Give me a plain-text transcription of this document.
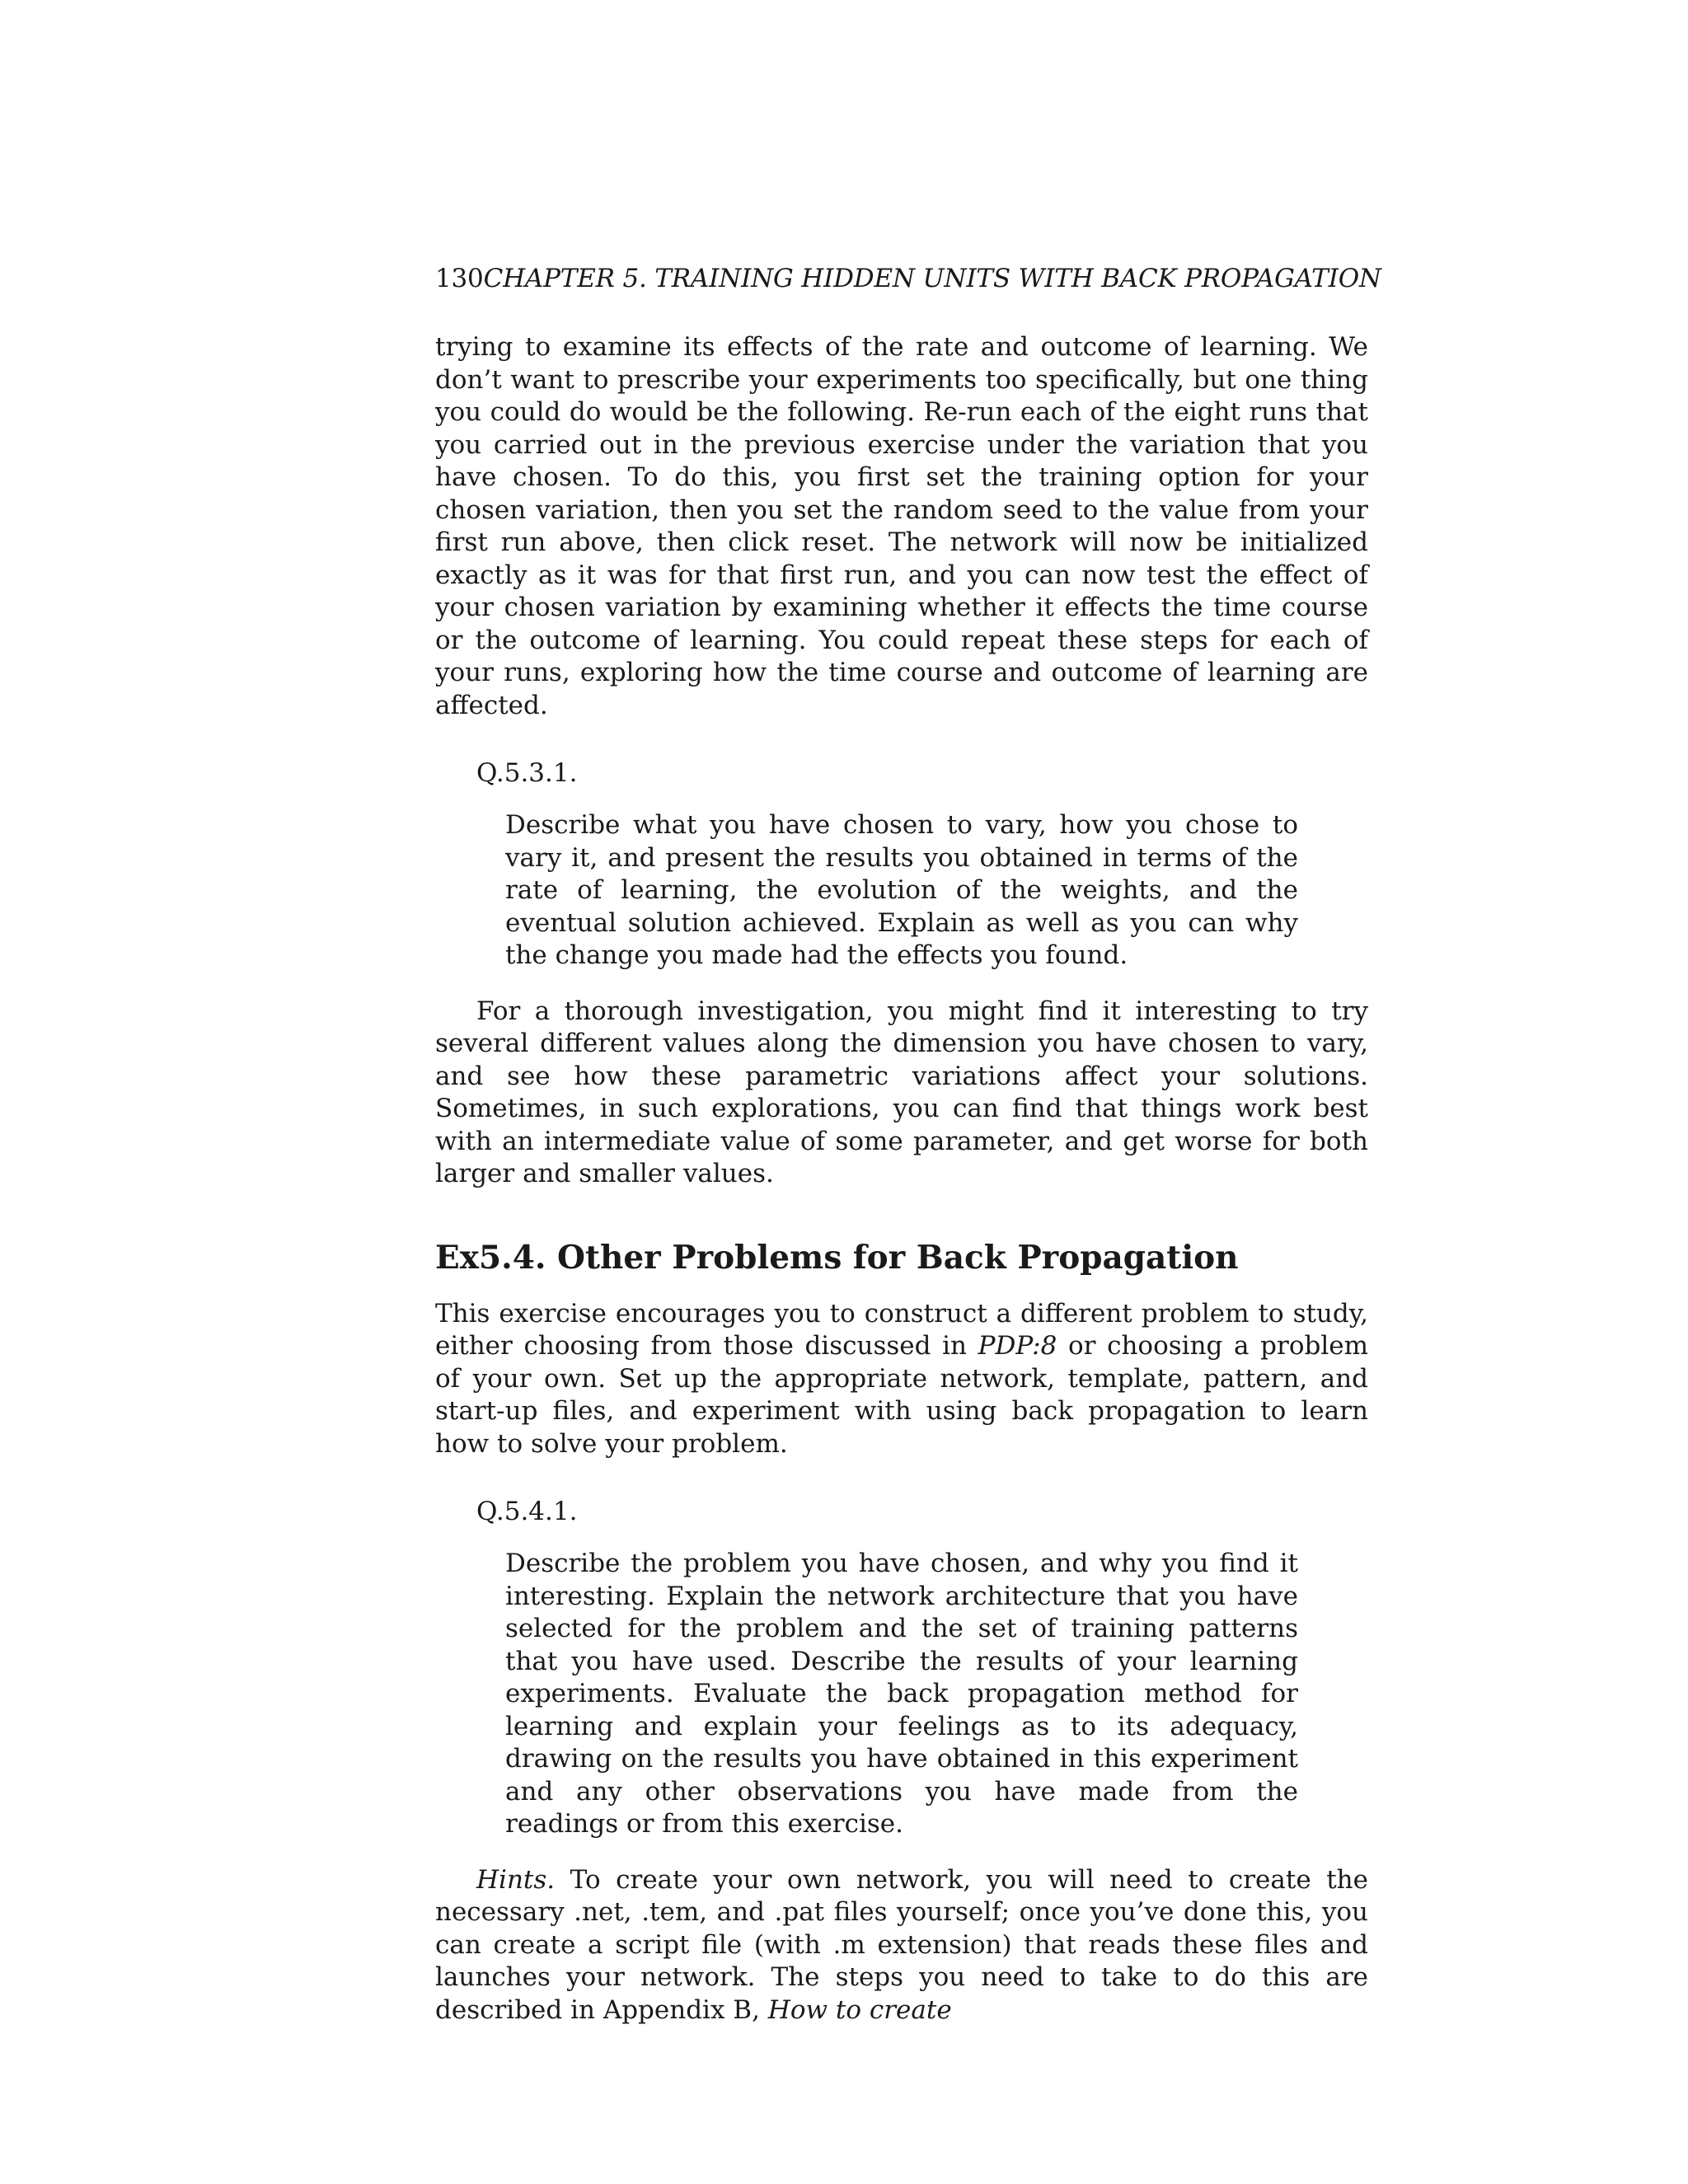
130CHAPTER 5. TRAINING HIDDEN UNITS WITH BACK PROPAGATION

trying to examine its effects of the rate and outcome of learning. We don’t want to prescribe your experiments too specifically, but one thing you could do would be the following. Re-run each of the eight runs that you carried out in the previous exercise under the variation that you have chosen. To do this, you first set the training option for your chosen variation, then you set the random seed to the value from your first run above, then click reset. The network will now be initialized exactly as it was for that first run, and you can now test the effect of your chosen variation by examining whether it effects the time course or the outcome of learning. You could repeat these steps for each of your runs, exploring how the time course and outcome of learning are affected.

Q.5.3.1.

Describe what you have chosen to vary, how you chose to vary it, and present the results you obtained in terms of the rate of learning, the evolution of the weights, and the eventual solution achieved. Explain as well as you can why the change you made had the effects you found.

For a thorough investigation, you might find it interesting to try several different values along the dimension you have chosen to vary, and see how these parametric variations affect your solutions. Sometimes, in such explorations, you can find that things work best with an intermediate value of some parameter, and get worse for both larger and smaller values.

Ex5.4. Other Problems for Back Propagation

This exercise encourages you to construct a different problem to study, either choosing from those discussed in PDP:8 or choosing a problem of your own. Set up the appropriate network, template, pattern, and start-up files, and experiment with using back propagation to learn how to solve your problem.

Q.5.4.1.

Describe the problem you have chosen, and why you find it interesting. Explain the network architecture that you have selected for the problem and the set of training patterns that you have used. Describe the results of your learning experiments. Evaluate the back propagation method for learning and explain your feelings as to its adequacy, drawing on the results you have obtained in this experiment and any other observations you have made from the readings or from this exercise.

Hints. To create your own network, you will need to create the necessary .net, .tem, and .pat files yourself; once you’ve done this, you can create a script file (with .m extension) that reads these files and launches your network. The steps you need to take to do this are described in Appendix B, How to create
